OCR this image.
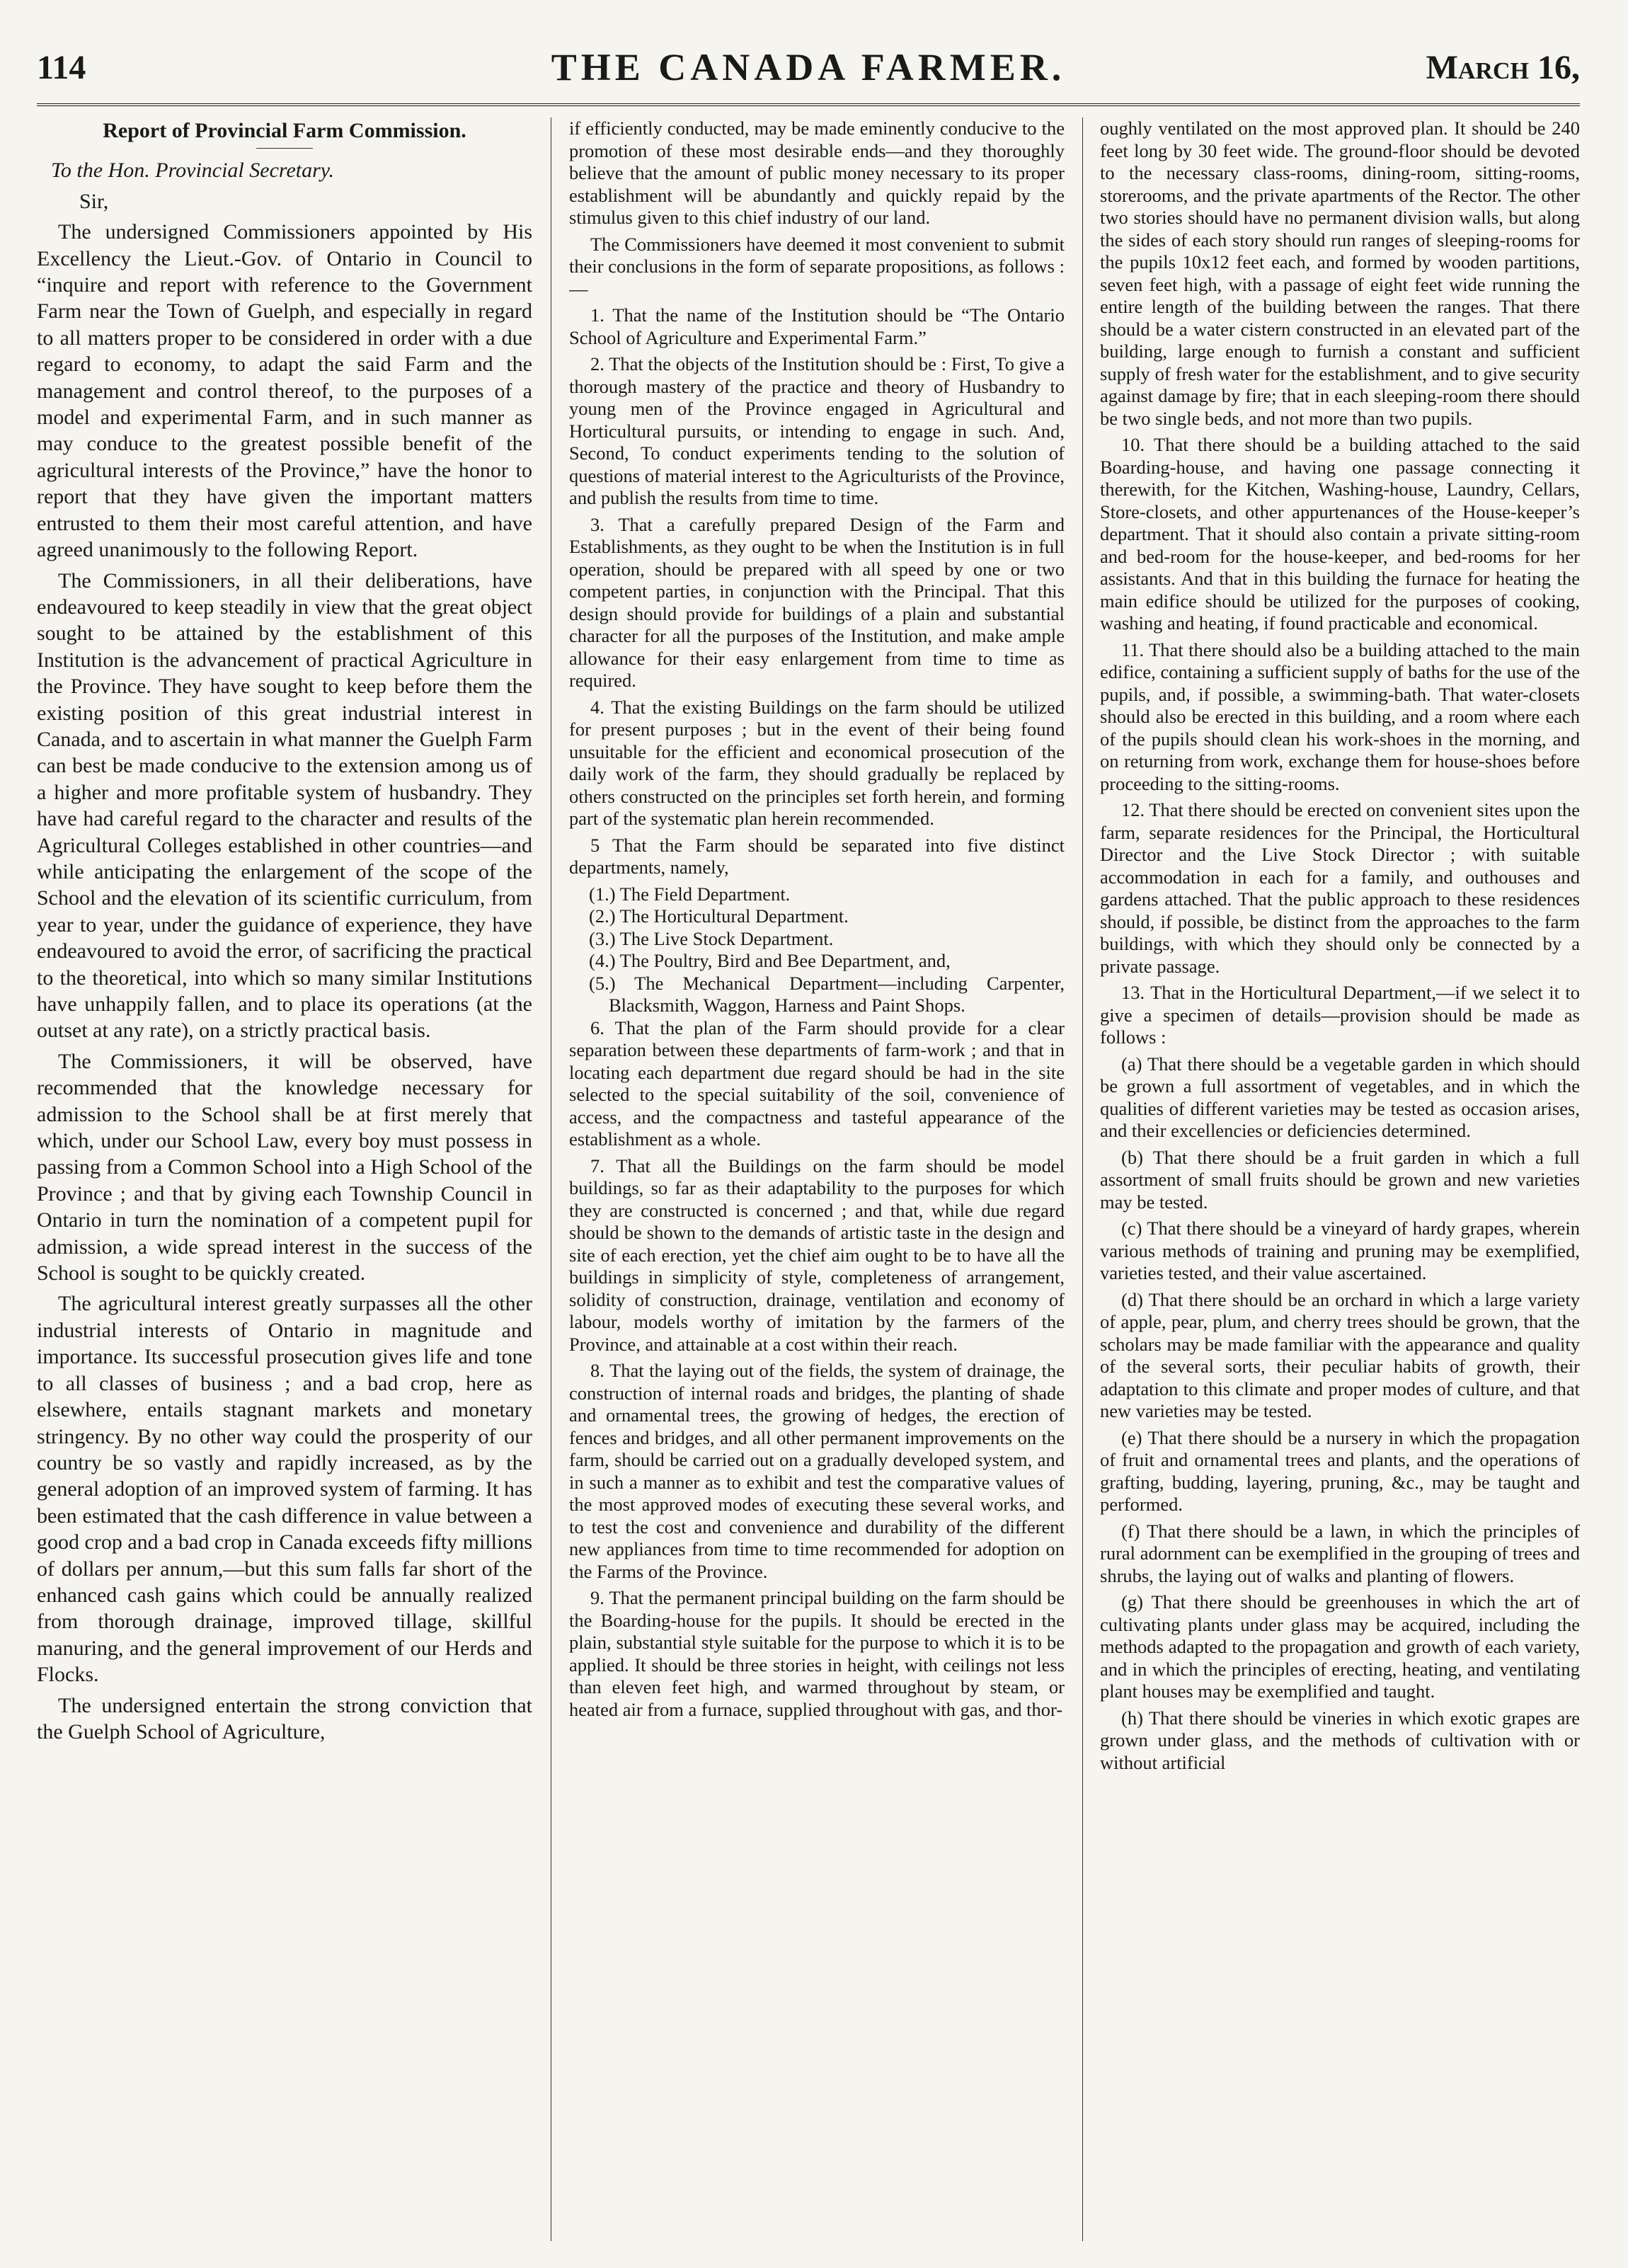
114	THE CANADA FARMER.	March 16,

Report of Provincial Farm Commission.

To the Hon. Provincial Secretary.

Sir,

The undersigned Commissioners appointed by His Excellency the Lieut.-Gov. of Ontario in Council to “inquire and report with reference to the Government Farm near the Town of Guelph, and especially in regard to all matters proper to be considered in order with a due regard to economy, to adapt the said Farm and the management and control thereof, to the purposes of a model and experimental Farm, and in such manner as may conduce to the greatest possible benefit of the agricultural interests of the Province,” have the honor to report that they have given the important matters entrusted to them their most careful attention, and have agreed unanimously to the following Report.

The Commissioners, in all their deliberations, have endeavoured to keep steadily in view that the great object sought to be attained by the establishment of this Institution is the advancement of practical Agriculture in the Province. They have sought to keep before them the existing position of this great industrial interest in Canada, and to ascertain in what manner the Guelph Farm can best be made conducive to the extension among us of a higher and more profitable system of husbandry. They have had careful regard to the character and results of the Agricultural Colleges established in other countries—and while anticipating the enlargement of the scope of the School and the elevation of its scientific curriculum, from year to year, under the guidance of experience, they have endeavoured to avoid the error, of sacrificing the practical to the theoretical, into which so many similar Institutions have unhappily fallen, and to place its operations (at the outset at any rate), on a strictly practical basis.

The Commissioners, it will be observed, have recommended that the knowledge necessary for admission to the School shall be at first merely that which, under our School Law, every boy must possess in passing from a Common School into a High School of the Province ; and that by giving each Township Council in Ontario in turn the nomination of a competent pupil for admission, a wide spread interest in the success of the School is sought to be quickly created.

The agricultural interest greatly surpasses all the other industrial interests of Ontario in magnitude and importance. Its successful prosecution gives life and tone to all classes of business ; and a bad crop, here as elsewhere, entails stagnant markets and monetary stringency. By no other way could the prosperity of our country be so vastly and rapidly increased, as by the general adoption of an improved system of farming. It has been estimated that the cash difference in value between a good crop and a bad crop in Canada exceeds fifty millions of dollars per annum,—but this sum falls far short of the enhanced cash gains which could be annually realized from thorough drainage, improved tillage, skillful manuring, and the general improvement of our Herds and Flocks.

The undersigned entertain the strong conviction that the Guelph School of Agriculture,

if efficiently conducted, may be made eminently conducive to the promotion of these most desirable ends—and they thoroughly believe that the amount of public money necessary to its proper establishment will be abundantly and quickly repaid by the stimulus given to this chief industry of our land.

The Commissioners have deemed it most convenient to submit their conclusions in the form of separate propositions, as follows :—

1. That the name of the Institution should be “The Ontario School of Agriculture and Experimental Farm.”

2. That the objects of the Institution should be : First, To give a thorough mastery of the practice and theory of Husbandry to young men of the Province engaged in Agricultural and Horticultural pursuits, or intending to engage in such. And, Second, To conduct experiments tending to the solution of questions of material interest to the Agriculturists of the Province, and publish the results from time to time.

3. That a carefully prepared Design of the Farm and Establishments, as they ought to be when the Institution is in full operation, should be prepared with all speed by one or two competent parties, in conjunction with the Principal. That this design should provide for buildings of a plain and substantial character for all the purposes of the Institution, and make ample allowance for their easy enlargement from time to time as required.

4. That the existing Buildings on the farm should be utilized for present purposes ; but in the event of their being found unsuitable for the efficient and economical prosecution of the daily work of the farm, they should gradually be replaced by others constructed on the principles set forth herein, and forming part of the systematic plan herein recommended.

5 That the Farm should be separated into five distinct departments, namely,

(1.) The Field Department.

(2.) The Horticultural Department.

(3.) The Live Stock Department.

(4.) The Poultry, Bird and Bee Department, and,

(5.) The Mechanical Department—including Carpenter, Blacksmith, Waggon, Harness and Paint Shops.

6. That the plan of the Farm should provide for a clear separation between these departments of farm-work ; and that in locating each department due regard should be had in the site selected to the special suitability of the soil, convenience of access, and the compactness and tasteful appearance of the establishment as a whole.

7. That all the Buildings on the farm should be model buildings, so far as their adaptability to the purposes for which they are constructed is concerned ; and that, while due regard should be shown to the demands of artistic taste in the design and site of each erection, yet the chief aim ought to be to have all the buildings in simplicity of style, completeness of arrangement, solidity of construction, drainage, ventilation and economy of labour, models worthy of imitation by the farmers of the Province, and attainable at a cost within their reach.

8. That the laying out of the fields, the system of drainage, the construction of internal roads and bridges, the planting of shade and ornamental trees, the growing of hedges, the erection of fences and bridges, and all other permanent improvements on the farm, should be carried out on a gradually developed system, and in such a manner as to exhibit and test the comparative values of the most approved modes of executing these several works, and to test the cost and convenience and durability of the different new appliances from time to time recommended for adoption on the Farms of the Province.

9. That the permanent principal building on the farm should be the Boarding-house for the pupils. It should be erected in the plain, substantial style suitable for the purpose to which it is to be applied. It should be three stories in height, with ceilings not less than eleven feet high, and warmed throughout by steam, or heated air from a furnace, supplied throughout with gas, and thor-

oughly ventilated on the most approved plan. It should be 240 feet long by 30 feet wide. The ground-floor should be devoted to the necessary class-rooms, dining-room, sitting-rooms, storerooms, and the private apartments of the Rector. The other two stories should have no permanent division walls, but along the sides of each story should run ranges of sleeping-rooms for the pupils 10x12 feet each, and formed by wooden partitions, seven feet high, with a passage of eight feet wide running the entire length of the building between the ranges. That there should be a water cistern constructed in an elevated part of the building, large enough to furnish a constant and sufficient supply of fresh water for the establishment, and to give security against damage by fire; that in each sleeping-room there should be two single beds, and not more than two pupils.

10. That there should be a building attached to the said Boarding-house, and having one passage connecting it therewith, for the Kitchen, Washing-house, Laundry, Cellars, Store-closets, and other appurtenances of the House-keeper’s department. That it should also contain a private sitting-room and bed-room for the house-keeper, and bed-rooms for her assistants. And that in this building the furnace for heating the main edifice should be utilized for the purposes of cooking, washing and heating, if found practicable and economical.

11. That there should also be a building attached to the main edifice, containing a sufficient supply of baths for the use of the pupils, and, if possible, a swimming-bath. That water-closets should also be erected in this building, and a room where each of the pupils should clean his work-shoes in the morning, and on returning from work, exchange them for house-shoes before proceeding to the sitting-rooms.

12. That there should be erected on convenient sites upon the farm, separate residences for the Principal, the Horticultural Director and the Live Stock Director ; with suitable accommodation in each for a family, and outhouses and gardens attached. That the public approach to these residences should, if possible, be distinct from the approaches to the farm buildings, with which they should only be connected by a private passage.

13. That in the Horticultural Department,—if we select it to give a specimen of details—provision should be made as follows :

(a) That there should be a vegetable garden in which should be grown a full assortment of vegetables, and in which the qualities of different varieties may be tested as occasion arises, and their excellencies or deficiencies determined.

(b) That there should be a fruit garden in which a full assortment of small fruits should be grown and new varieties may be tested.

(c) That there should be a vineyard of hardy grapes, wherein various methods of training and pruning may be exemplified, varieties tested, and their value ascertained.

(d) That there should be an orchard in which a large variety of apple, pear, plum, and cherry trees should be grown, that the scholars may be made familiar with the appearance and quality of the several sorts, their peculiar habits of growth, their adaptation to this climate and proper modes of culture, and that new varieties may be tested.

(e) That there should be a nursery in which the propagation of fruit and ornamental trees and plants, and the operations of grafting, budding, layering, pruning, &c., may be taught and performed.

(f) That there should be a lawn, in which the principles of rural adornment can be exemplified in the grouping of trees and shrubs, the laying out of walks and planting of flowers.

(g) That there should be greenhouses in which the art of cultivating plants under glass may be acquired, including the methods adapted to the propagation and growth of each variety, and in which the principles of erecting, heating, and ventilating plant houses may be exemplified and taught.

(h) That there should be vineries in which exotic grapes are grown under glass, and the methods of cultivation with or without artificial
